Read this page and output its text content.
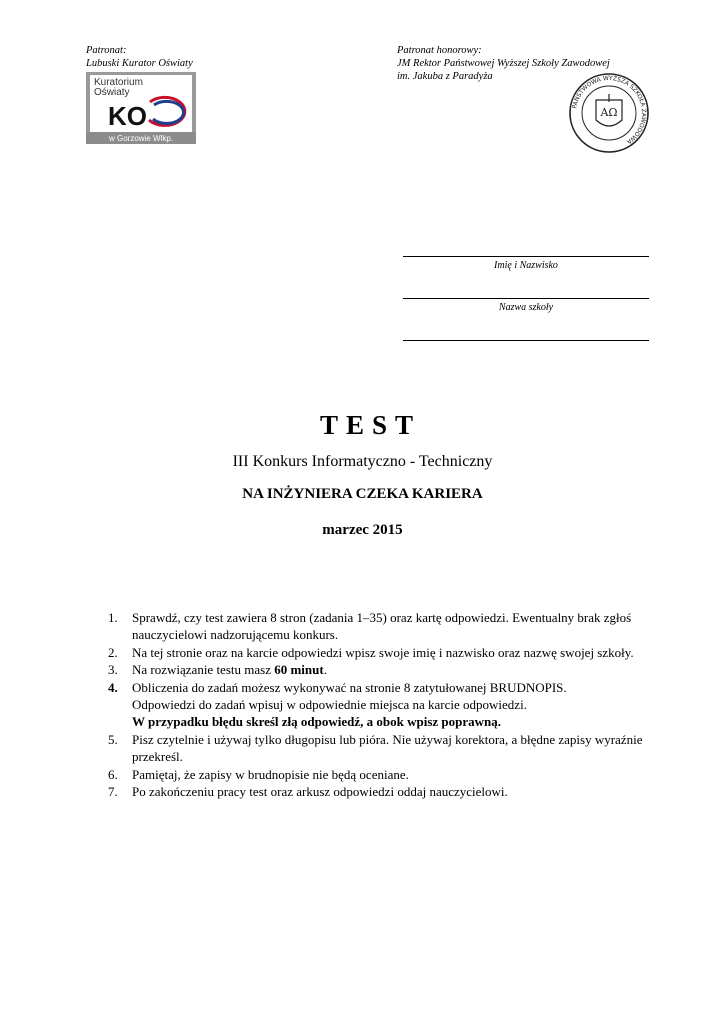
Patronat:
Lubuski Kurator Oświaty
Patronat honorowy:
JM Rektor Państwowej Wyższej Szkoły Zawodowej
im. Jakuba z Paradyża
Kuratorium
Oświaty
KO
w Gorzowie Wlkp.
PAŃSTWOWA WYŻSZA SZKOŁA ZAWODOWA
AΩ
Imię i Nazwisko
Nazwa szkoły
TEST
III Konkurs Informatyczno - Techniczny
NA INŻYNIERA CZEKA KARIERA
marzec 2015
1. Sprawdź, czy test zawiera 8 stron (zadania 1–35) oraz kartę odpowiedzi. Ewentualny brak zgłoś nauczycielowi nadzorującemu konkurs.
2. Na tej stronie oraz na karcie odpowiedzi wpisz swoje imię i nazwisko oraz nazwę swojej szkoły.
3. Na rozwiązanie testu masz 60 minut.
4. Obliczenia do zadań możesz wykonywać na stronie 8 zatytułowanej BRUDNOPIS.
Odpowiedzi do zadań wpisuj w odpowiednie miejsca na karcie odpowiedzi.
W przypadku błędu skreśl złą odpowiedź, a obok wpisz poprawną.
5. Pisz czytelnie i używaj tylko długopisu lub pióra. Nie używaj korektora, a błędne zapisy wyraźnie przekreśl.
6. Pamiętaj, że zapisy w brudnopisie nie będą oceniane.
7. Po zakończeniu pracy test oraz arkusz odpowiedzi oddaj nauczycielowi.
